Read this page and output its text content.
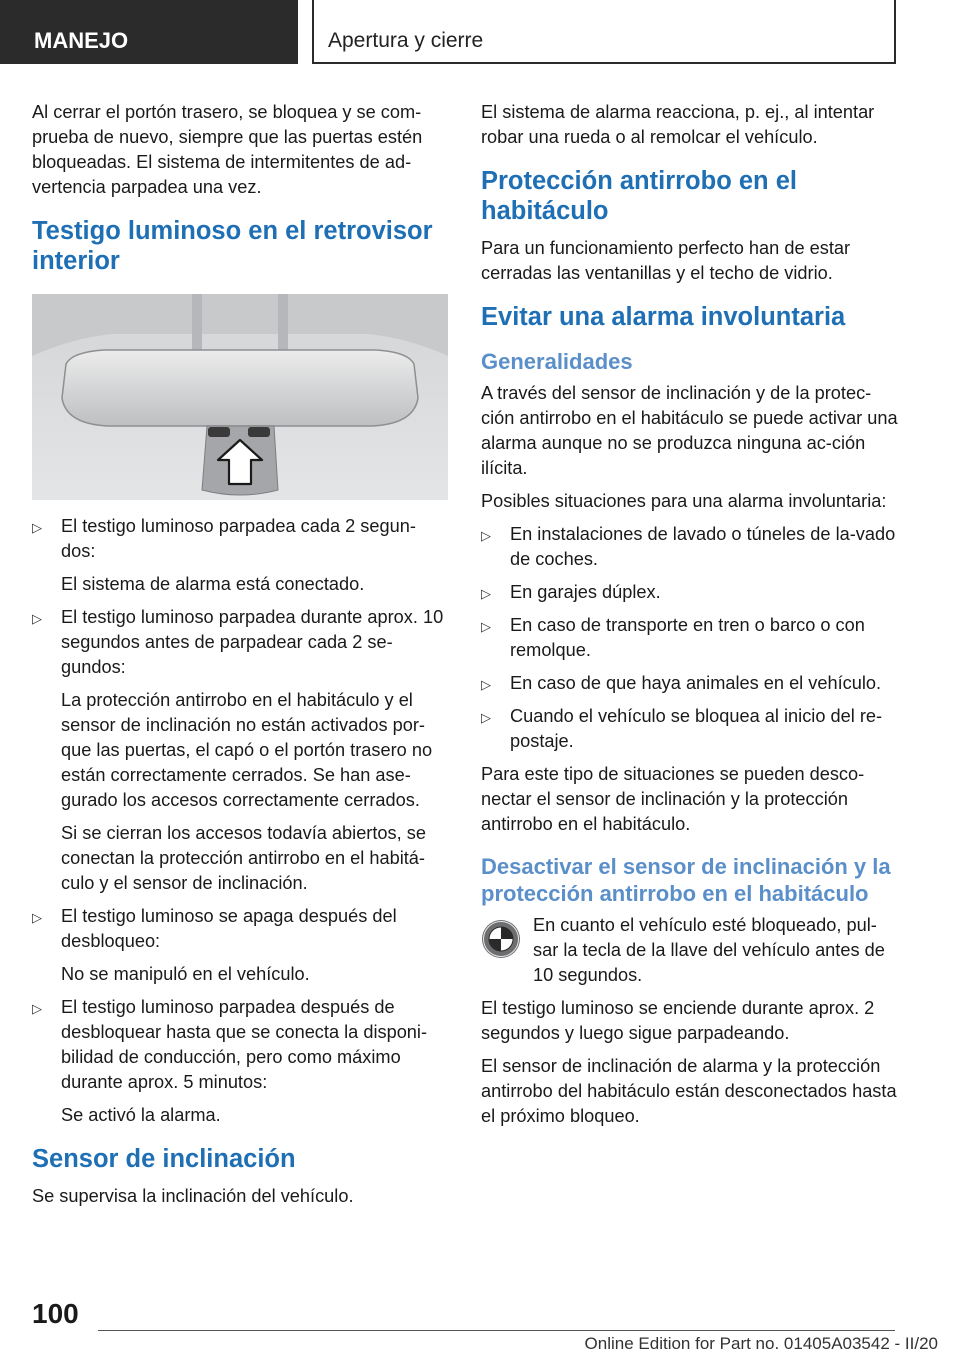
MANEJO	Apertura y cierre

Al cerrar el portón trasero, se bloquea y se com-prueba de nuevo, siempre que las puertas estén bloqueadas. El sistema de intermitentes de ad-vertencia parpadea una vez.

Testigo luminoso en el retrovisor interior
▷ El testigo luminoso parpadea cada 2 segun-dos:

El sistema de alarma está conectado.

▷ El testigo luminoso parpadea durante aprox. 10 segundos antes de parpadear cada 2 se-gundos:

La protección antirrobo en el habitáculo y el sensor de inclinación no están activados por-que las puertas, el capó o el portón trasero no están correctamente cerrados. Se han ase-gurado los accesos correctamente cerrados.

Si se cierran los accesos todavía abiertos, se conectan la protección antirrobo en el habitá-culo y el sensor de inclinación.

▷ El testigo luminoso se apaga después del desbloqueo:

No se manipuló en el vehículo.

▷ El testigo luminoso parpadea después de desbloquear hasta que se conecta la disponi-bilidad de conducción, pero como máximo durante aprox. 5 minutos:

Se activó la alarma.

Sensor de inclinación

Se supervisa la inclinación del vehículo.

El sistema de alarma reacciona, p. ej., al intentar robar una rueda o al remolcar el vehículo.

Protección antirrobo en el habitáculo

Para un funcionamiento perfecto han de estar cerradas las ventanillas y el techo de vidrio.

Evitar una alarma involuntaria
Generalidades

A través del sensor de inclinación y de la protec-ción antirrobo en el habitáculo se puede activar una alarma aunque no se produzca ninguna ac-ción ilícita.

Posibles situaciones para una alarma involuntaria:

▷ En instalaciones de lavado o túneles de la-vado de coches.

▷ En garajes dúplex.

▷ En caso de transporte en tren o barco o con remolque.

▷ En caso de que haya animales en el vehículo.

▷ Cuando el vehículo se bloquea al inicio del re-postaje.

Para este tipo de situaciones se pueden desco-nectar el sensor de inclinación y la protección antirrobo en el habitáculo.

Desactivar el sensor de inclinación y la protección antirrobo en el habitáculo

En cuanto el vehículo esté bloqueado, pul-sar la tecla de la llave del vehículo antes de 10 segundos.

El testigo luminoso se enciende durante aprox. 2 segundos y luego sigue parpadeando.

El sensor de inclinación de alarma y la protección antirrobo del habitáculo están desconectados hasta el próximo bloqueo.

100
Online Edition for Part no. 01405A03542 - II/20
